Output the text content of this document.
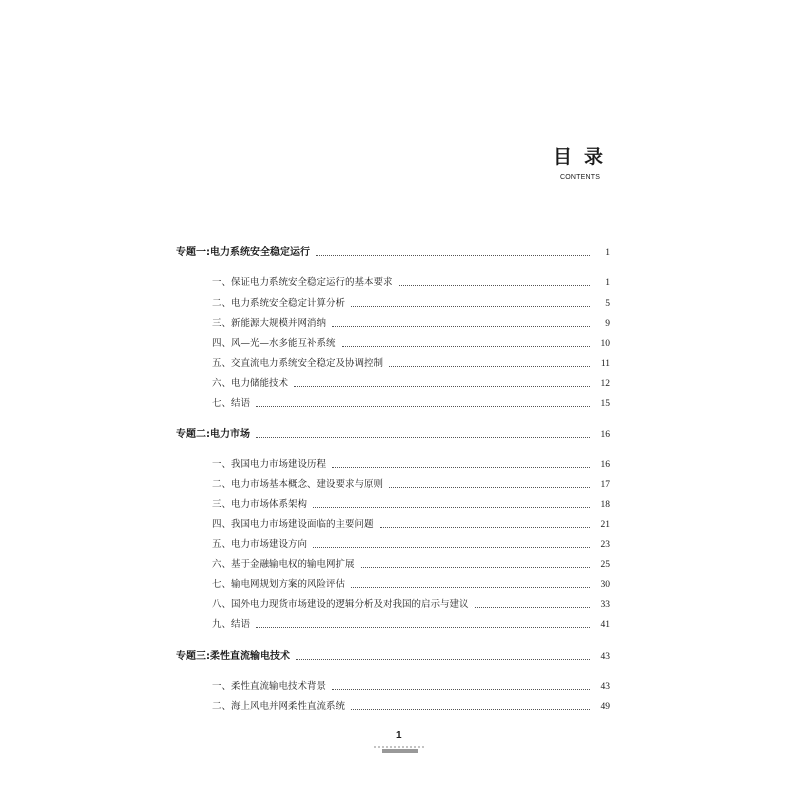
目 录
CONTENTS
专题一:电力系统安全稳定运行	1
一、保证电力系统安全稳定运行的基本要求	1
二、电力系统安全稳定计算分析	5
三、新能源大规模并网消纳	9
四、风—光—水多能互补系统	10
五、交直流电力系统安全稳定及协调控制	11
六、电力储能技术	12
七、结语	15
专题二:电力市场	16
一、我国电力市场建设历程	16
二、电力市场基本概念、建设要求与原则	17
三、电力市场体系架构	18
四、我国电力市场建设面临的主要问题	21
五、电力市场建设方向	23
六、基于金融输电权的输电网扩展	25
七、输电网规划方案的风险评估	30
八、国外电力现货市场建设的逻辑分析及对我国的启示与建议	33
九、结语	41
专题三:柔性直流输电技术	43
一、柔性直流输电技术背景	43
二、海上风电并网柔性直流系统	49
1
